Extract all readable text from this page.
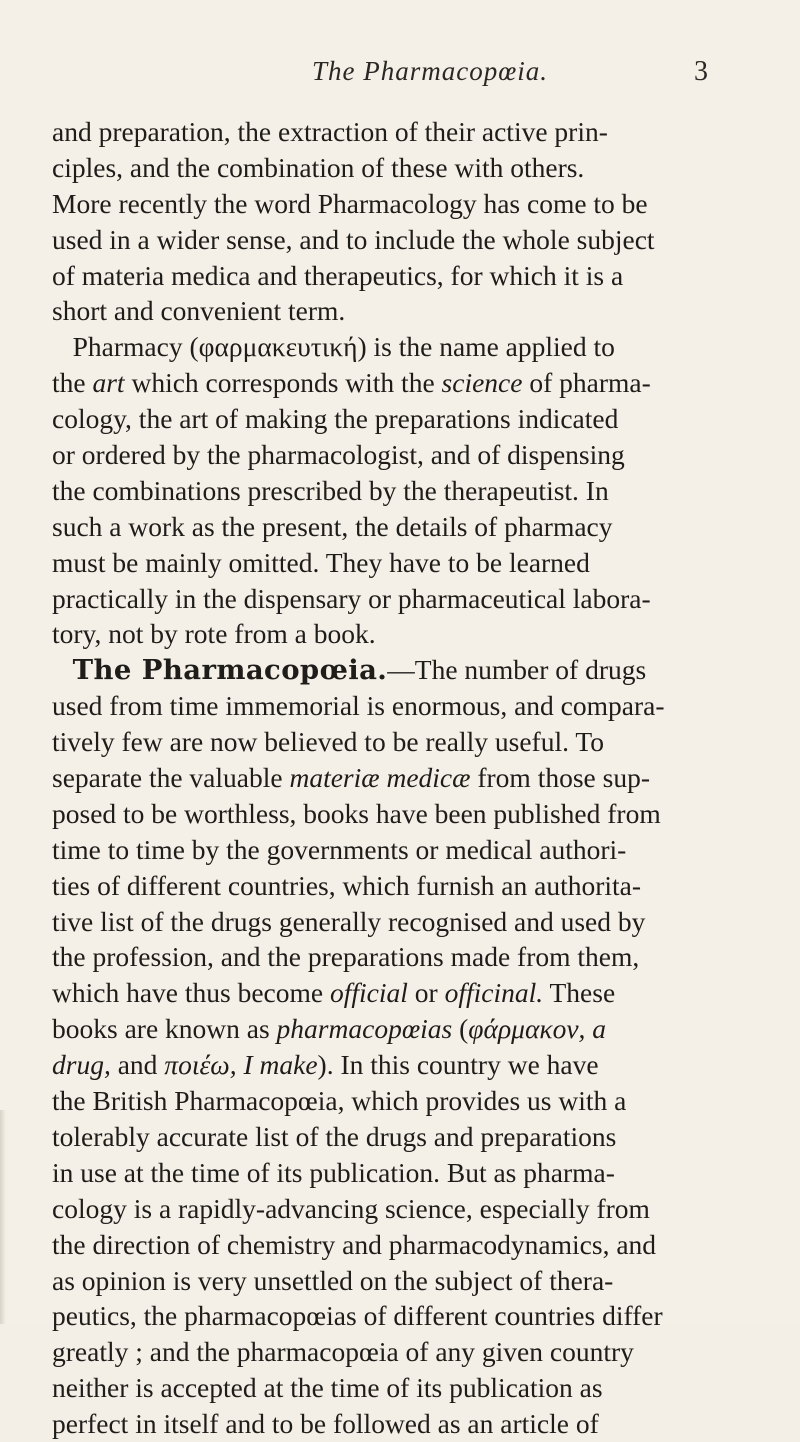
The Pharmacopœia.	3
and preparation, the extraction of their active prin-
ciples, and the combination of these with others.
More recently the word Pharmacology has come to be
used in a wider sense, and to include the whole subject
of materia medica and therapeutics, for which it is a
short and convenient term.
Pharmacy (φαρμακευτική) is the name applied to
the art which corresponds with the science of pharma-
cology, the art of making the preparations indicated
or ordered by the pharmacologist, and of dispensing
the combinations prescribed by the therapeutist. In
such a work as the present, the details of pharmacy
must be mainly omitted. They have to be learned
practically in the dispensary or pharmaceutical labora-
tory, not by rote from a book.
The Pharmacopœia.—The number of drugs
used from time immemorial is enormous, and compara-
tively few are now believed to be really useful. To
separate the valuable materiæ medicæ from those sup-
posed to be worthless, books have been published from
time to time by the governments or medical authori-
ties of different countries, which furnish an authorita-
tive list of the drugs generally recognised and used by
the profession, and the preparations made from them,
which have thus become official or officinal. These
books are known as pharmacopœias (φάρμακον, a
drug, and ποιέω, I make). In this country we have
the British Pharmacopœia, which provides us with a
tolerably accurate list of the drugs and preparations
in use at the time of its publication. But as pharma-
cology is a rapidly-advancing science, especially from
the direction of chemistry and pharmacodynamics, and
as opinion is very unsettled on the subject of thera-
peutics, the pharmacopœias of different countries differ
greatly ; and the pharmacopœia of any given country
neither is accepted at the time of its publication as
perfect in itself and to be followed as an article of
